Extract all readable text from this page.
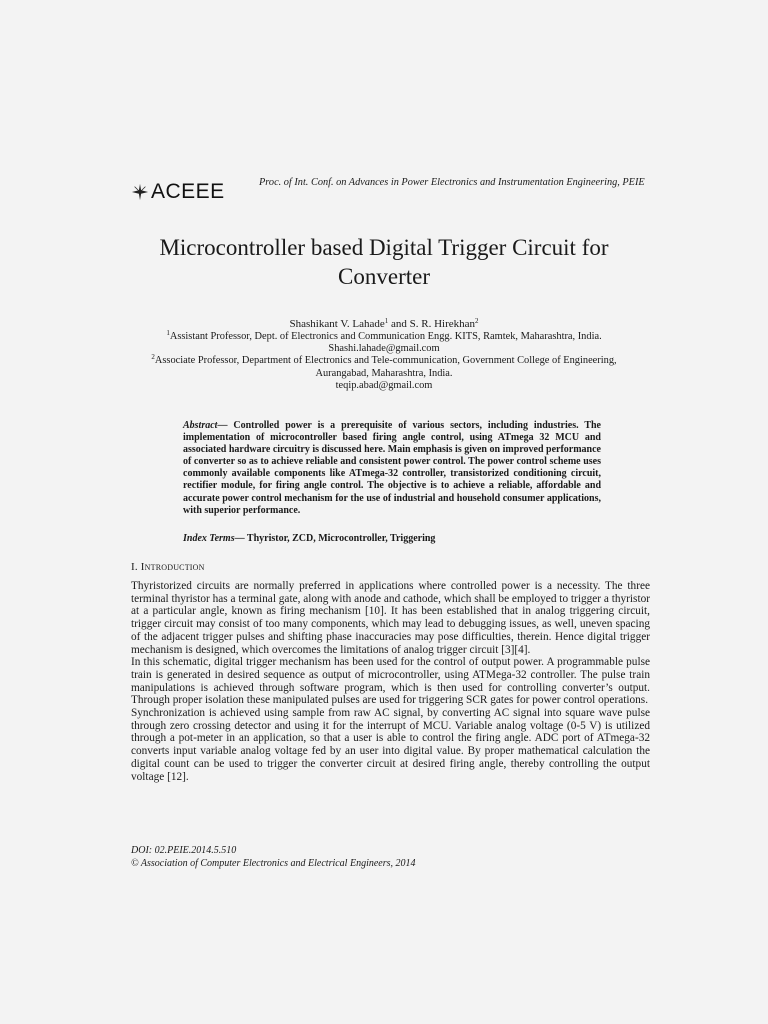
ACEEE	Proc. of Int. Conf. on Advances in Power Electronics and Instrumentation Engineering, PEIE
Microcontroller based Digital Trigger Circuit for
Converter
Shashikant V. Lahade$^1$ and S. R. Hirekhan$^2$
$^1$Assistant Professor, Dept. of Electronics and Communication Engg. KITS, Ramtek, Maharashtra, India.
Shashi.lahade@gmail.com
$^2$Associate Professor, Department of Electronics and Tele-communication, Government College of Engineering,
Aurangabad, Maharashtra, India.
teqip.abad@gmail.com
Abstract— Controlled power is a prerequisite of various sectors, including industries. The implementation of microcontroller based firing angle control, using ATmega 32 MCU and associated hardware circuitry is discussed here. Main emphasis is given on improved performance of converter so as to achieve reliable and consistent power control. The power control scheme uses commonly available components like ATmega-32 controller, transistorized conditioning circuit, rectifier module, for firing angle control. The objective is to achieve a reliable, affordable and accurate power control mechanism for the use of industrial and household consumer applications, with superior performance.
Index Terms— Thyristor, ZCD, Microcontroller, Triggering
I. Introduction

Thyristorized circuits are normally preferred in applications where controlled power is a necessity. The three terminal thyristor has a terminal gate, along with anode and cathode, which shall be employed to trigger a thyristor at a particular angle, known as firing mechanism [10]. It has been established that in analog triggering circuit, trigger circuit may consist of too many components, which may lead to debugging issues, as well, uneven spacing of the adjacent trigger pulses and shifting phase inaccuracies may pose difficulties, therein. Hence digital trigger mechanism is designed, which overcomes the limitations of analog trigger circuit [3][4].

In this schematic, digital trigger mechanism has been used for the control of output power. A programmable pulse train is generated in desired sequence as output of microcontroller, using ATMega-32 controller. The pulse train manipulations is achieved through software program, which is then used for controlling converter’s output. Through proper isolation these manipulated pulses are used for triggering SCR gates for power control operations.

Synchronization is achieved using sample from raw AC signal, by converting AC signal into square wave pulse through zero crossing detector and using it for the interrupt of MCU. Variable analog voltage (0-5 V) is utilized through a pot-meter in an application, so that a user is able to control the firing angle. ADC port of ATmega-32 converts input variable analog voltage fed by an user into digital value. By proper mathematical calculation the digital count can be used to trigger the converter circuit at desired firing angle, thereby controlling the output voltage [12].

DOI: 02.PEIE.2014.5.510
© Association of Computer Electronics and Electrical Engineers, 2014
